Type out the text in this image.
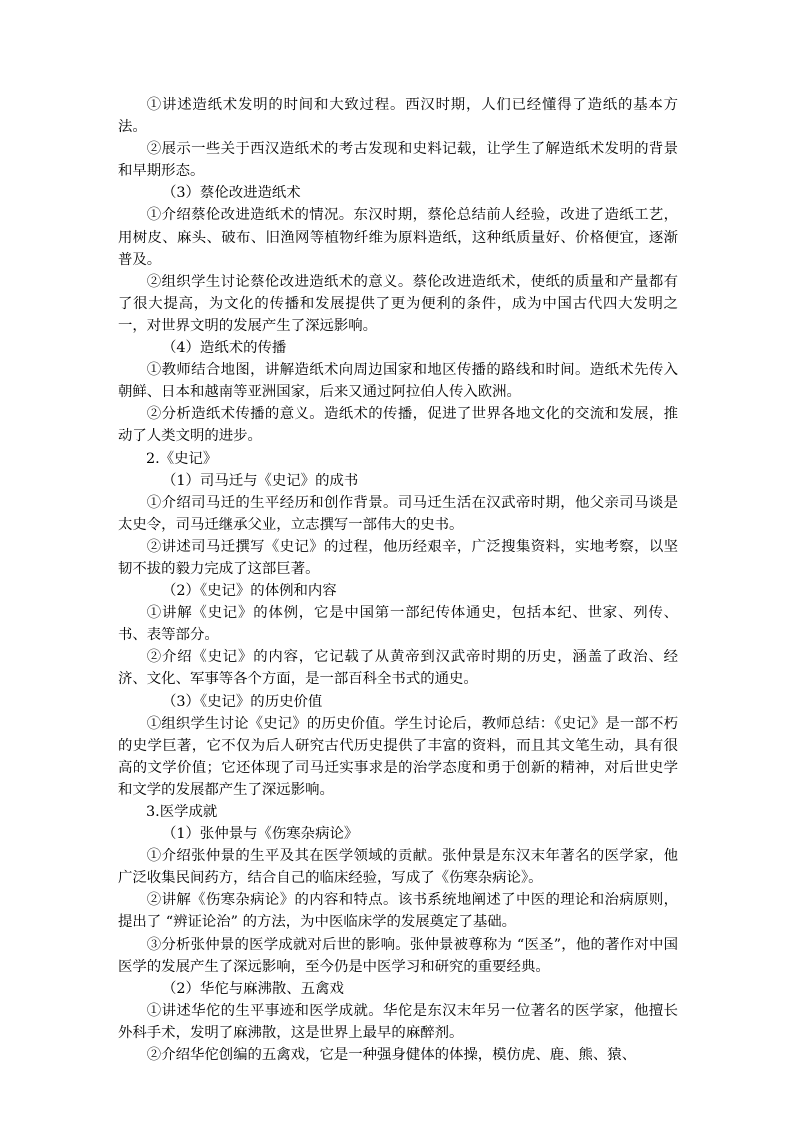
①讲述造纸术发明的时间和大致过程。西汉时期，人们已经懂得了造纸的基本方法。
②展示一些关于西汉造纸术的考古发现和史料记载，让学生了解造纸术发明的背景和早期形态。
（3）蔡伦改进造纸术
①介绍蔡伦改进造纸术的情况。东汉时期，蔡伦总结前人经验，改进了造纸工艺，用树皮、麻头、破布、旧渔网等植物纤维为原料造纸，这种纸质量好、价格便宜，逐渐普及。
②组织学生讨论蔡伦改进造纸术的意义。蔡伦改进造纸术，使纸的质量和产量都有了很大提高，为文化的传播和发展提供了更为便利的条件，成为中国古代四大发明之一，对世界文明的发展产生了深远影响。
（4）造纸术的传播
①教师结合地图，讲解造纸术向周边国家和地区传播的路线和时间。造纸术先传入朝鲜、日本和越南等亚洲国家，后来又通过阿拉伯人传入欧洲。
②分析造纸术传播的意义。造纸术的传播，促进了世界各地文化的交流和发展，推动了人类文明的进步。
2.《史记》
（1）司马迁与《史记》的成书
①介绍司马迁的生平经历和创作背景。司马迁生活在汉武帝时期，他父亲司马谈是太史令，司马迁继承父业，立志撰写一部伟大的史书。
②讲述司马迁撰写《史记》的过程，他历经艰辛，广泛搜集资料，实地考察，以坚韧不拔的毅力完成了这部巨著。
（2）《史记》的体例和内容
①讲解《史记》的体例，它是中国第一部纪传体通史，包括本纪、世家、列传、书、表等部分。
②介绍《史记》的内容，它记载了从黄帝到汉武帝时期的历史，涵盖了政治、经济、文化、军事等各个方面，是一部百科全书式的通史。
（3）《史记》的历史价值
①组织学生讨论《史记》的历史价值。学生讨论后，教师总结：《史记》是一部不朽的史学巨著，它不仅为后人研究古代历史提供了丰富的资料，而且其文笔生动，具有很高的文学价值；它还体现了司马迁实事求是的治学态度和勇于创新的精神，对后世史学和文学的发展都产生了深远影响。
3.医学成就
（1）张仲景与《伤寒杂病论》
①介绍张仲景的生平及其在医学领域的贡献。张仲景是东汉末年著名的医学家，他广泛收集民间药方，结合自己的临床经验，写成了《伤寒杂病论》。
②讲解《伤寒杂病论》的内容和特点。该书系统地阐述了中医的理论和治病原则，提出了 “辨证论治” 的方法，为中医临床学的发展奠定了基础。
③分析张仲景的医学成就对后世的影响。张仲景被尊称为 “医圣”，他的著作对中国医学的发展产生了深远影响，至今仍是中医学习和研究的重要经典。
（2）华佗与麻沸散、五禽戏
①讲述华佗的生平事迹和医学成就。华佗是东汉末年另一位著名的医学家，他擅长外科手术，发明了麻沸散，这是世界上最早的麻醉剂。
②介绍华佗创编的五禽戏，它是一种强身健体的体操，模仿虎、鹿、熊、猿、
